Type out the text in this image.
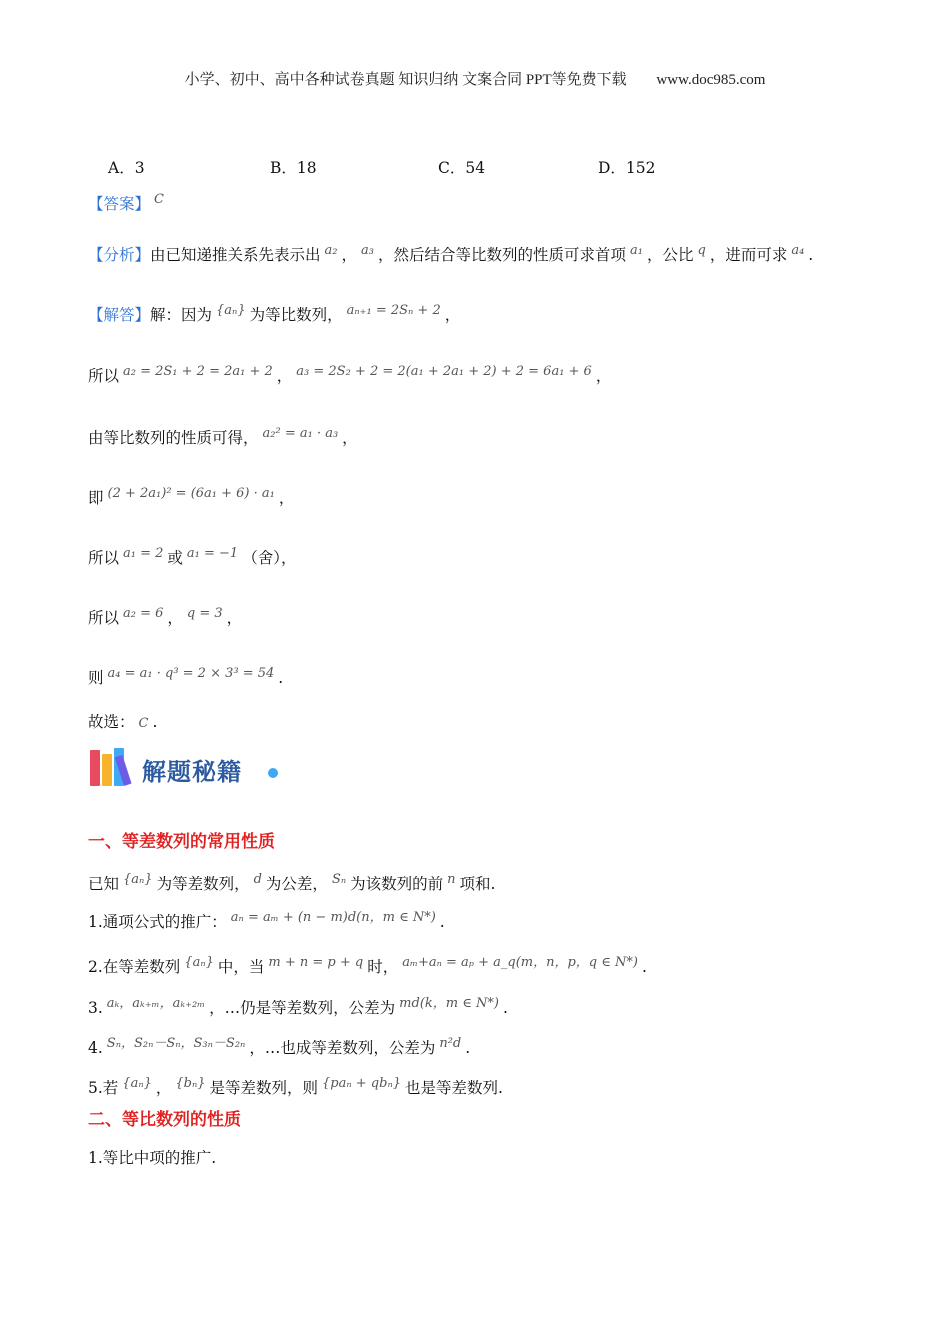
小学、初中、高中各种试卷真题 知识归纳 文案合同 PPT等免费下载 www.doc985.com
A．3	B．18	C．54	D．152
【答案】 $^C$
【分析】由已知递推关系先表示出 $^{a_2}$ ， $^{a_3}$ ，然后结合等比数列的性质可求首项 $^{a_1}$ ，公比 $^q$ ，进而可求 $^{a_4}$ .
【解答】解：因为 $^{\{a_n\}}$ 为等比数列， $^{a_{n+1} = 2S_n + 2}$ ，
所以 $^{a_2 = 2S_1 + 2 = 2a_1 + 2}$ ， $^{a_3 = 2S_2 + 2 = 2(a_1 + 2a_1 + 2) + 2 = 6a_1 + 6}$ ，
由等比数列的性质可得， $^{a_2^2 = a_1 \cdot a_3}$ ，
即 $^{(2 + 2a_1)^2 = (6a_1 + 6) \cdot a_1}$ ，
所以 $^{a_1 = 2}$ 或 $^{a_1 = -1}$ （舍），
所以 $^{a_2 = 6}$ ， $^{q = 3}$ ，
则 $^{a_4 = a_1 \cdot q^3 = 2 \times 3^3 = 54}$ .
故选： C .
解题秘籍
一、等差数列的常用性质
已知 $^{\{a_n\}}$ 为等差数列， $^d$ 为公差， $^{S_n}$ 为该数列的前 $^n$ 项和.
1.通项公式的推广： $^{a_n = a_m + (n - m)d(n,m \in N*)}$ .
2.在等差数列 $^{\{a_n\}}$ 中，当 $^{m + n = p + q}$ 时， $^{a_m+a_n = a_p + a\_q(m,n,p,q \in N*)}$ .
3. $^{a_k,a_{k+m},a_{k+2m}}$ ，…仍是等差数列，公差为 $^{md(k,m \in N*)}$ .
4. $^{S_n,S_{2n}-S_n,S_{3n}-S_{2n}}$ ，…也成等差数列，公差为 $^{n^2d}$ .
5.若 $^{\{a_n\}}$ ， $^{\{b_n\}}$ 是等差数列，则 $^{\{pa_n + qb_n\}}$ 也是等差数列.
二、等比数列的性质
1.等比中项的推广.
